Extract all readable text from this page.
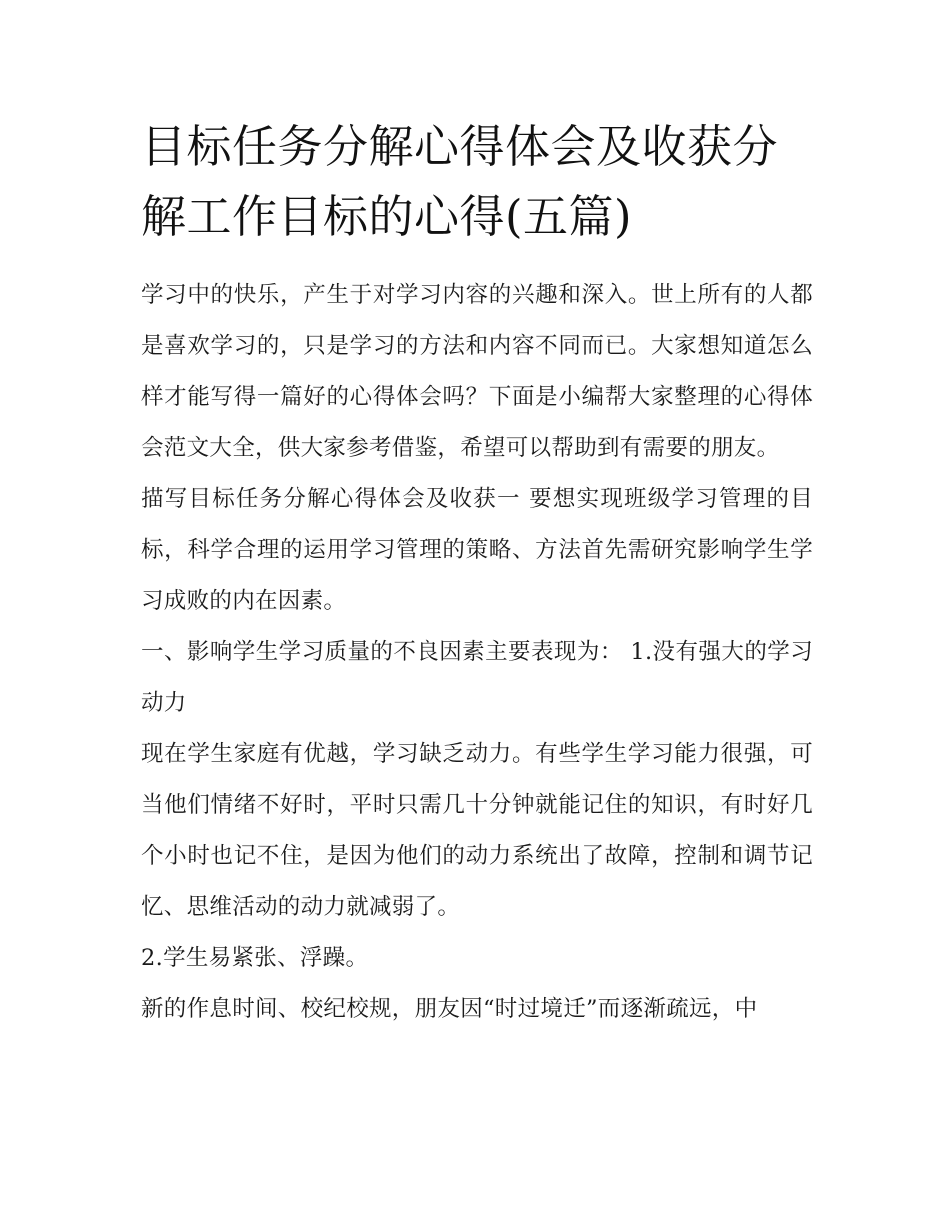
目标任务分解心得体会及收获分解工作目标的心得(五篇)

学习中的快乐，产生于对学习内容的兴趣和深入。世上所有的人都是喜欢学习的，只是学习的方法和内容不同而已。大家想知道怎么样才能写得一篇好的心得体会吗？下面是小编帮大家整理的心得体会范文大全，供大家参考借鉴，希望可以帮助到有需要的朋友。

描写目标任务分解心得体会及收获一 要想实现班级学习管理的目标，科学合理的运用学习管理的策略、方法首先需研究影响学生学习成败的内在因素。

一、影响学生学习质量的不良因素主要表现为： 1.没有强大的学习动力

现在学生家庭有优越，学习缺乏动力。有些学生学习能力很强，可当他们情绪不好时，平时只需几十分钟就能记住的知识，有时好几个小时也记不住，是因为他们的动力系统出了故障，控制和调节记忆、思维活动的动力就减弱了。

2.学生易紧张、浮躁。

新的作息时间、校纪校规，朋友因“时过境迁”而逐渐疏远，中
